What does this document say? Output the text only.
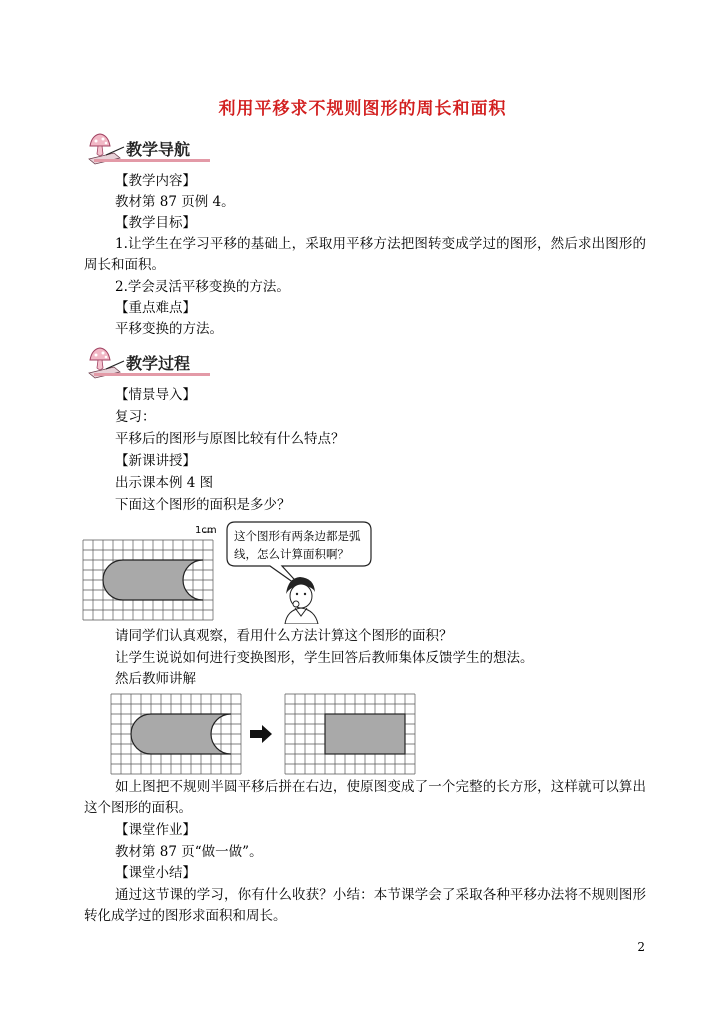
利用平移求不规则图形的周长和面积
教学导航
【教学内容】
教材第 87 页例 4。
【教学目标】
1.让学生在学习平移的基础上，采取用平移方法把图转变成学过的图形，然后求出图形的周长和面积。
2.学会灵活平移变换的方法。
【重点难点】
平移变换的方法。
教学过程
【情景导入】
复习：
平移后的图形与原图比较有什么特点？
【新课讲授】
出示课本例 4 图
下面这个图形的面积是多少？
1cm 这个图形有两条边都是弧
线，怎么计算面积啊？
请同学们认真观察，看用什么方法计算这个图形的面积？
让学生说说如何进行变换图形，学生回答后教师集体反馈学生的想法。
然后教师讲解
如上图把不规则半圆平移后拼在右边，使原图变成了一个完整的长方形，这样就可以算出这个图形的面积。
【课堂作业】
教材第 87 页“做一做”。
【课堂小结】
通过这节课的学习，你有什么收获？小结：本节课学会了采取各种平移办法将不规则图形转化成学过的图形求面积和周长。
2
